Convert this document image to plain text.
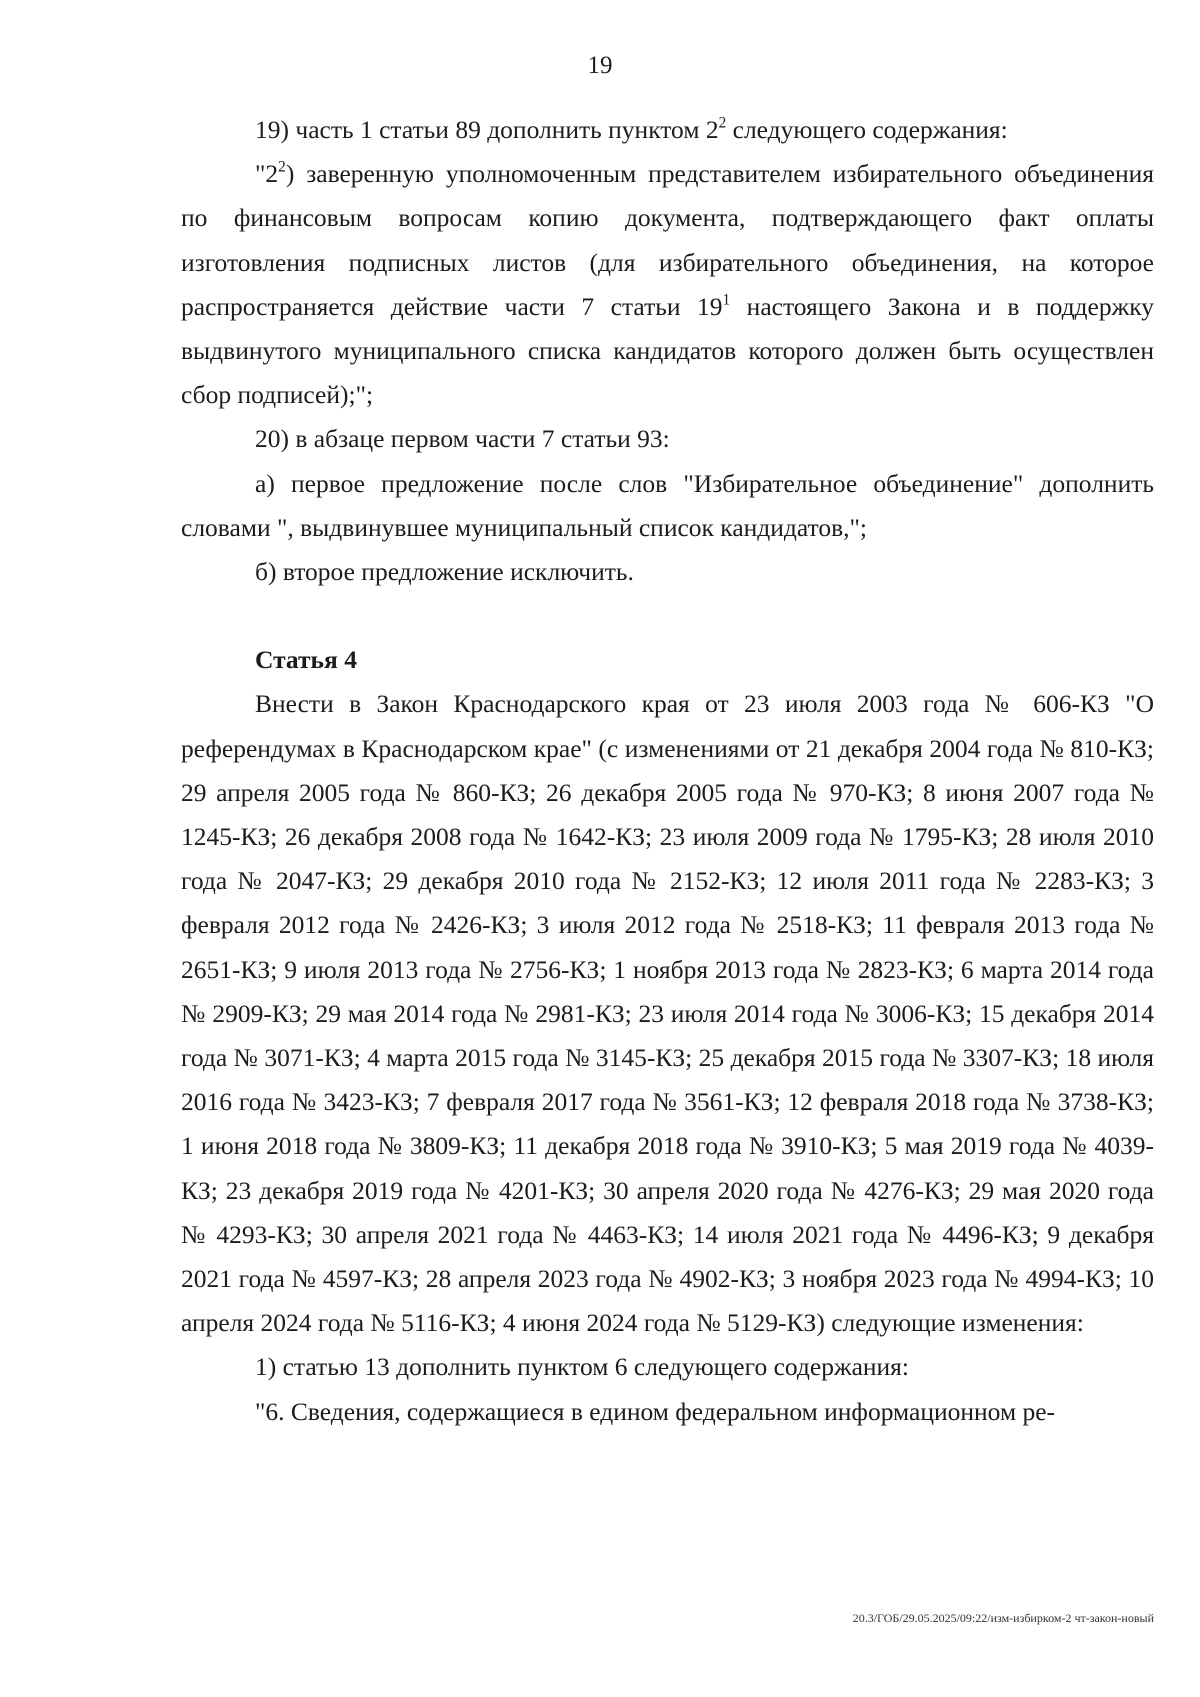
19

19) часть 1 статьи 89 дополнить пунктом $2^2$ следующего содержания:

"$2^2$) заверенную уполномоченным представителем избирательного объединения по финансовым вопросам копию документа, подтверждающего факт оплаты изготовления подписных листов (для избирательного объединения, на которое распространяется действие части 7 статьи $19^1$ настоящего Закона и в поддержку выдвинутого муниципального списка кандидатов которого должен быть осуществлен сбор подписей);";

20) в абзаце первом части 7 статьи 93:

а) первое предложение после слов "Избирательное объединение" дополнить словами ", выдвинувшее муниципальный список кандидатов,";

б) второе предложение исключить.

Статья 4

Внести в Закон Краснодарского края от 23 июля 2003 года № 606-КЗ "О референдумах в Краснодарском крае" (с изменениями от 21 декабря 2004 года № 810-КЗ; 29 апреля 2005 года № 860-КЗ; 26 декабря 2005 года № 970-КЗ; 8 июня 2007 года № 1245-КЗ; 26 декабря 2008 года № 1642-КЗ; 23 июля 2009 года № 1795-КЗ; 28 июля 2010 года № 2047-КЗ; 29 декабря 2010 года № 2152-КЗ; 12 июля 2011 года № 2283-КЗ; 3 февраля 2012 года № 2426-КЗ; 3 июля 2012 года № 2518-КЗ; 11 февраля 2013 года № 2651-КЗ; 9 июля 2013 года № 2756-КЗ; 1 ноября 2013 года № 2823-КЗ; 6 марта 2014 года № 2909-КЗ; 29 мая 2014 года № 2981-КЗ; 23 июля 2014 года № 3006-КЗ; 15 декабря 2014 года № 3071-КЗ; 4 марта 2015 года № 3145-КЗ; 25 декабря 2015 года № 3307-КЗ; 18 июля 2016 года № 3423-КЗ; 7 февраля 2017 года № 3561-КЗ; 12 февраля 2018 года № 3738-КЗ; 1 июня 2018 года № 3809-КЗ; 11 декабря 2018 года № 3910-КЗ; 5 мая 2019 года № 4039-КЗ; 23 декабря 2019 года № 4201-КЗ; 30 апреля 2020 года № 4276-КЗ; 29 мая 2020 года № 4293-КЗ; 30 апреля 2021 года № 4463-КЗ; 14 июля 2021 года № 4496-КЗ; 9 декабря 2021 года № 4597-КЗ; 28 апреля 2023 года № 4902-КЗ; 3 ноября 2023 года № 4994-КЗ; 10 апреля 2024 года № 5116-КЗ; 4 июня 2024 года № 5129-КЗ) следующие изменения:

1) статью 13 дополнить пунктом 6 следующего содержания:

"6. Сведения, содержащиеся в едином федеральном информационном ре-

20.3/ГОБ/29.05.2025/09:22/изм-избирком-2 чт-закон-новый
